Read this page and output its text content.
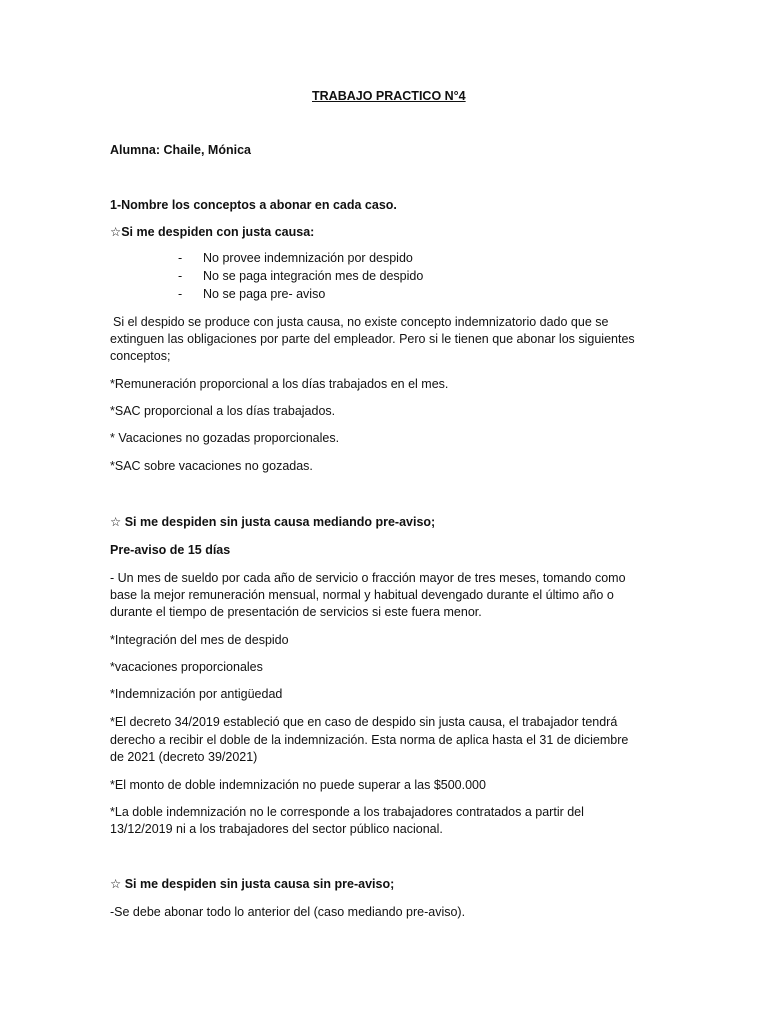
TRABAJO PRACTICO N°4
Alumna: Chaile, Mónica
1-Nombre los conceptos a abonar en cada caso.
☆Si me despiden con justa causa:
- No provee indemnización por despido
- No se paga integración mes de despido
- No se paga pre- aviso
Si el despido se produce con justa causa, no existe concepto indemnizatorio dado que se
extinguen las obligaciones por parte del empleador. Pero si le tienen que abonar los siguientes
conceptos;
*Remuneración proporcional a los días trabajados en el mes.
*SAC proporcional a los días trabajados.
* Vacaciones no gozadas proporcionales.
*SAC sobre vacaciones no gozadas.
☆ Si me despiden sin justa causa mediando pre-aviso;
Pre-aviso de 15 días
- Un mes de sueldo por cada año de servicio o fracción mayor de tres meses, tomando como
base la mejor remuneración mensual, normal y habitual devengado durante el último año o
durante el tiempo de presentación de servicios si este fuera menor.
*Integración del mes de despido
*vacaciones proporcionales
*Indemnización por antigüedad
*El decreto 34/2019 estableció que en caso de despido sin justa causa, el trabajador tendrá
derecho a recibir el doble de la indemnización. Esta norma de aplica hasta el 31 de diciembre
de 2021 (decreto 39/2021)
*El monto de doble indemnización no puede superar a las $500.000
*La doble indemnización no le corresponde a los trabajadores contratados a partir del
13/12/2019 ni a los trabajadores del sector público nacional.
☆ Si me despiden sin justa causa sin pre-aviso;
-Se debe abonar todo lo anterior del (caso mediando pre-aviso).
